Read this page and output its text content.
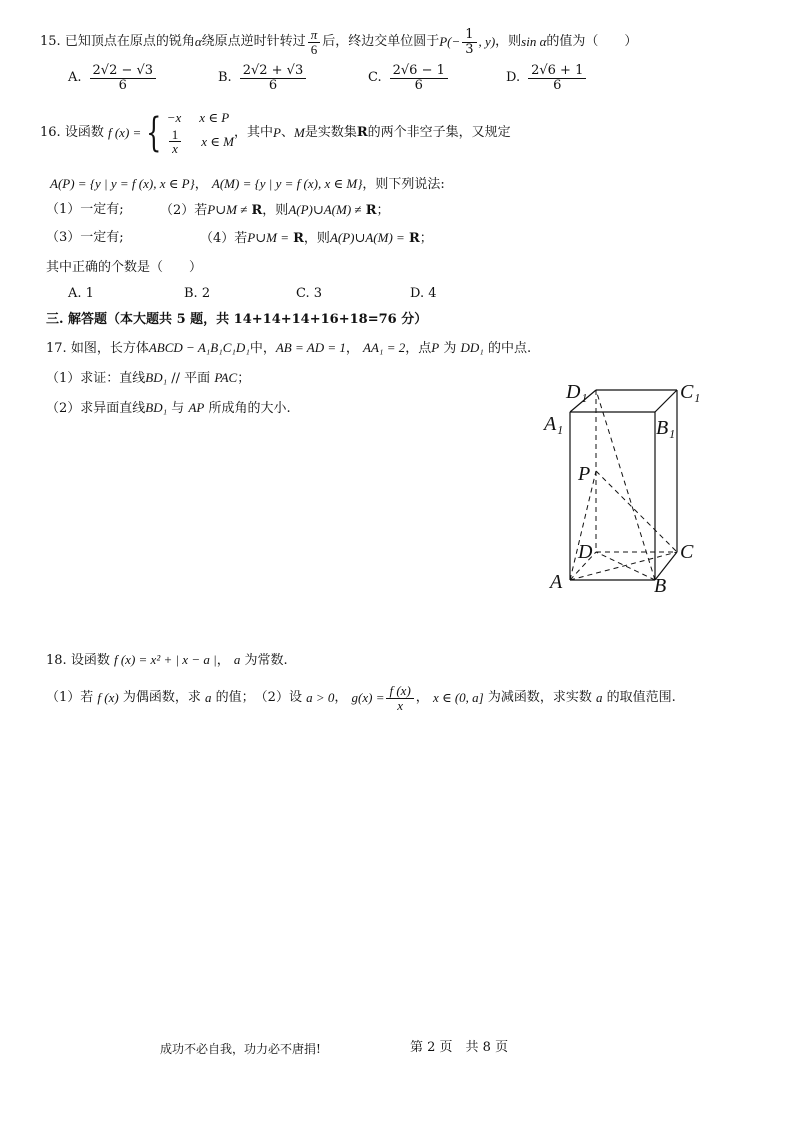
15.
已知顶点在原点的锐角 α 绕原点逆时针转过 $\frac{\pi}{6}$ 后，终边交单位圆于 $P(- \frac{1}{3}$ , y) ，则 sin α 的值为（　　）
A. $\frac{2√2 - √3}{6}$	B. $\frac{2√2 + √3}{6}$	C. $\frac{2√6 - 1}{6}$	D. $\frac{2√6 + 1}{6}$
16.
设函数
f (x) = { −x x ∈ P
$\frac{1}{x}$ x ∈ M
，其中 P 、 M 是实数集 R 的两个非空子集，又规定
A(P) = {y | y = f (x), x ∈ P}， A(M) = {y | y = f (x), x ∈ M}，则下列说法:
（1）一定有;	（2）若P∪M ≠ R，则A(P)∪A(M) ≠ R；
（3）一定有;	（4）若P∪M = R，则A(P)∪A(M) = R；
其中正确的个数是（　　）
A. 1	B. 2	C. 3	D. 4
三. 解答题（本大题共 5 题，共 14+14+14+16+18=76 分）
17. 如图，长方体ABCD − A₁B₁C₁D₁中，AB = AD = 1， AA₁ = 2，点P 为 DD₁ 的中点.
（1）求证：直线BD₁ // 平面 PAC；
（2）求异面直线BD₁ 与 AP 所成角的大小.
D₁	C₁
A₁	B₁
P
D	C
A	B
18. 设函数 f (x) = x² + | x − a |， a 为常数.
（1）若
f (x)
为偶函数，求
a
的值； （2）设
a > 0 ，
$g(x) = \frac{f (x)}{x}$ ，
x ∈ (0, a]
为减函数，求实数
a
的取值范围.
成功不必自我，功力必不唐捐!	第 2 页　共 8 页
